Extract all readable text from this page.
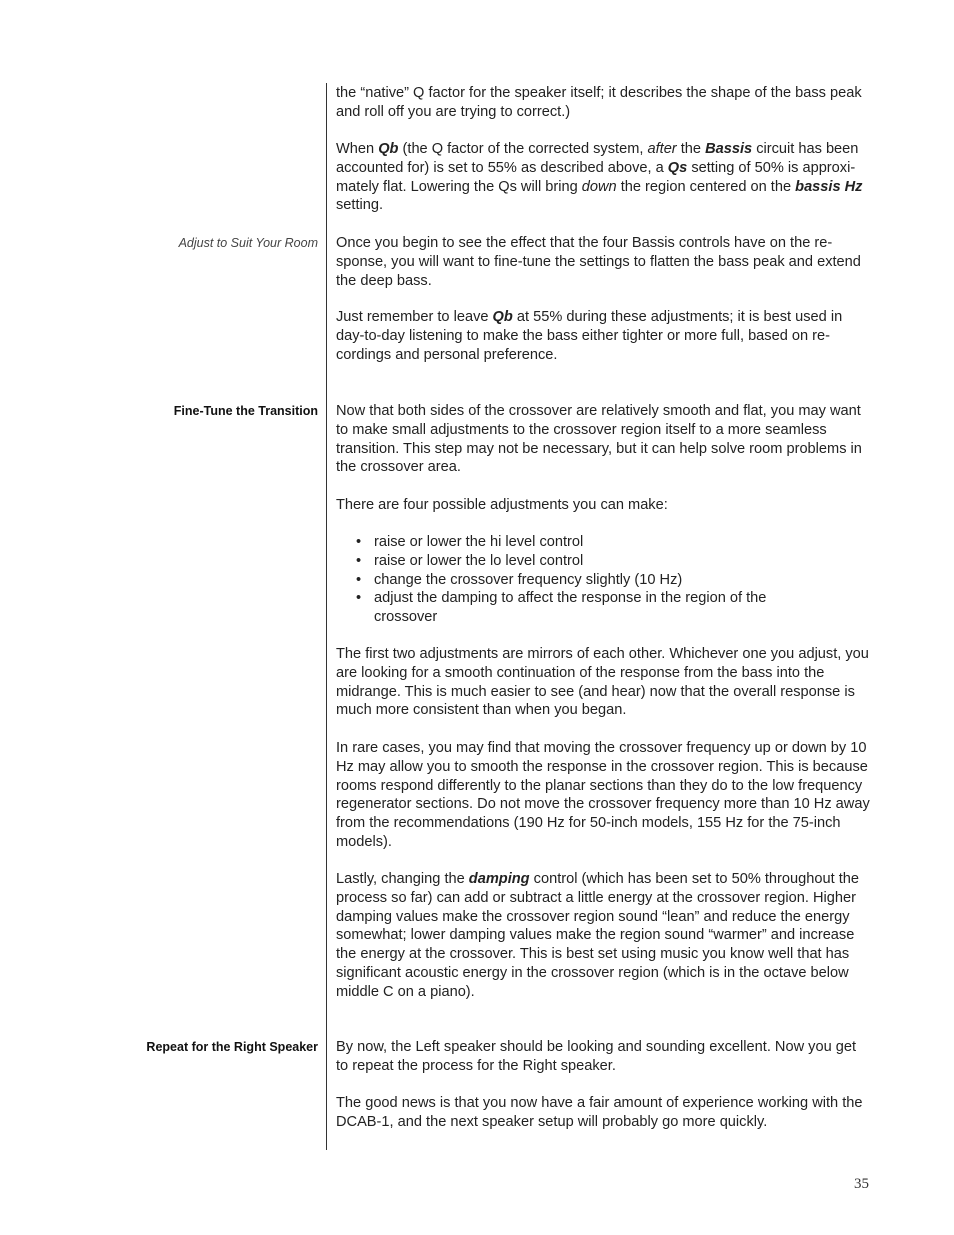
Adjust to Suit Your Room
Fine-Tune the Transition
Repeat for the Right Speaker

the “native” Q factor for the speaker itself; it describes the shape of the bass peak and roll off you are trying to correct.)

When Qb (the Q factor of the corrected system, after the Bassis circuit has been accounted for) is set to 55% as described above, a Qs setting of 50% is approximately flat. Lowering the Qs will bring down the region centered on the bassis Hz setting.

Once you begin to see the effect that the four Bassis controls have on the response, you will want to fine-tune the settings to flatten the bass peak and extend the deep bass.

Just remember to leave Qb at 55% during these adjustments; it is best used in day-to-day listening to make the bass either tighter or more full, based on recordings and personal preference.

Now that both sides of the crossover are relatively smooth and flat, you may want to make small adjustments to the crossover region itself to a more seamless transition. This step may not be necessary, but it can help solve room problems in the crossover area.

There are four possible adjustments you can make:

• raise or lower the hi level control
• raise or lower the lo level control
• change the crossover frequency slightly (10 Hz)
• adjust the damping to affect the response in the region of the crossover

The first two adjustments are mirrors of each other. Whichever one you adjust, you are looking for a smooth continuation of the response from the bass into the midrange. This is much easier to see (and hear) now that the overall response is much more consistent than when you began.

In rare cases, you may find that moving the crossover frequency up or down by 10 Hz may allow you to smooth the response in the crossover region. This is because rooms respond differently to the planar sections than they do to the low frequency regenerator sections. Do not move the crossover frequency more than 10 Hz away from the recommendations (190 Hz for 50-inch models, 155 Hz for the 75-inch models).

Lastly, changing the damping control (which has been set to 50% throughout the process so far) can add or subtract a little energy at the crossover region. Higher damping values make the crossover region sound “lean” and reduce the energy somewhat; lower damping values make the region sound “warmer” and increase the energy at the crossover. This is best set using music you know well that has significant acoustic energy in the crossover region (which is in the octave below middle C on a piano).

By now, the Left speaker should be looking and sounding excellent. Now you get to repeat the process for the Right speaker.

The good news is that you now have a fair amount of experience working with the DCAB-1, and the next speaker setup will probably go more quickly.

35
